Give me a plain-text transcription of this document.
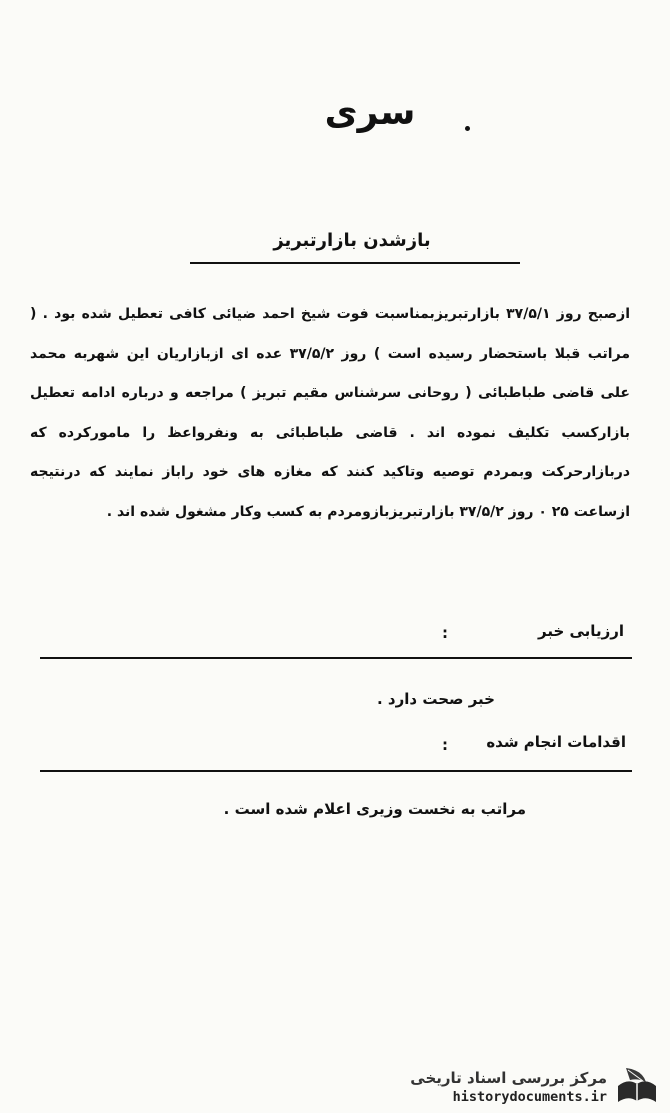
سری
بازشدن بازارتبریز

ازصبح روز ۳۷/۵/۱ بازارتبریزبمناسبت فوت شیخ احمد ضیائی کافی تعطیل شده بود . ( مراتب قبلا باستحضار رسیده است ) روز ۳۷/۵/۲ عده ای ازبازاریان این شهربه محمد علی قاضی طباطبائی ( روحانی سرشناس مقیم تبریز ) مراجعه و درباره ادامه تعطیل بازارکسب تکلیف نموده اند . قاضی طباطبائی به ونفرواعظ را مامورکرده که دربازارحرکت وبمردم توصیه وتاکید کنند که مغازه های خود راباز نمایند که درنتیجه ازساعت ۲۵ ۰ روز ۳۷/۵/۲ بازارتبریزبازومردم به کسب وکار مشغول شده اند .

ارزیابی خبر
:
خبر صحت دارد .
اقدامات انجام شده
:
مراتب به نخست وزیری اعلام شده است .
مرکز بررسی اسناد تاریخی
historydocuments.ir
